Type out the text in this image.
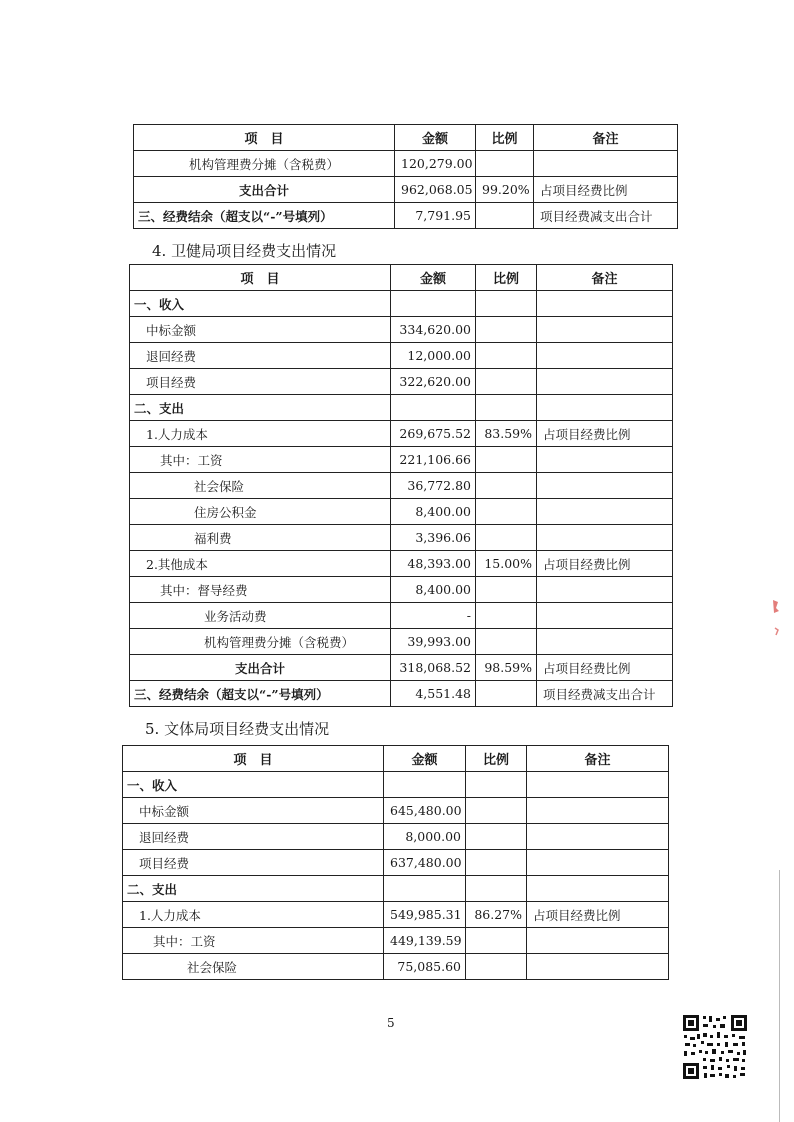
项　目	金额	比例	备注
机构管理费分摊（含税费）	120,279.00		
支出合计	962,068.05	99.20%	占项目经费比例
三、经费结余（超支以“-”号填列）	7,791.95		项目经费减支出合计
4. 卫健局项目经费支出情况
项　目	金额	比例	备注
一、收入			
中标金额	334,620.00		
退回经费	12,000.00		
项目经费	322,620.00		
二、支出			
1.人力成本	269,675.52	83.59%	占项目经费比例
其中：工资	221,106.66		
社会保险	36,772.80		
住房公积金	8,400.00		
福利费	3,396.06		
2.其他成本	48,393.00	15.00%	占项目经费比例
其中：督导经费	8,400.00		
业务活动费	-		
机构管理费分摊（含税费）	39,993.00		
支出合计	318,068.52	98.59%	占项目经费比例
三、经费结余（超支以“-”号填列）	4,551.48		项目经费减支出合计
5. 文体局项目经费支出情况
项　目	金额	比例	备注
一、收入			
中标金额	645,480.00		
退回经费	8,000.00		
项目经费	637,480.00		
二、支出			
1.人力成本	549,985.31	86.27%	占项目经费比例
其中：工资	449,139.59		
社会保险	75,085.60		
5
